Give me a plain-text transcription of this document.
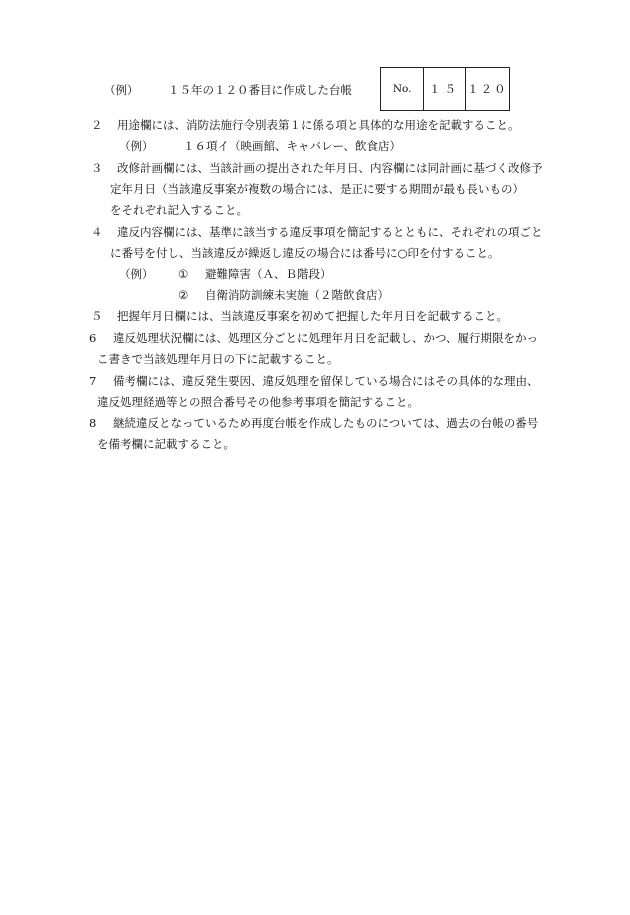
（例）	１５年の１２０番目に作成した台帳	No.	１５ １２０
２ 用途欄には、消防法施行令別表第１に係る項と具体的な用途を記載すること。
（例）	１６項イ（映画館、キャバレー、飲食店）
３ 改修計画欄には、当該計画の提出された年月日、内容欄には同計画に基づく改修予
定年月日（当該違反事案が複数の場合には、是正に要する期間が最も長いもの）
をそれぞれ記入すること。
４ 違反内容欄には、基準に該当する違反事項を簡記するとともに、それぞれの項ごと
に番号を付し、当該違反が繰返し違反の場合には番号に○印を付すること。
（例） ① 避難障害（Ａ、Ｂ階段）
② 自衛消防訓練未実施（２階飲食店）
５ 把握年月日欄には、当該違反事案を初めて把握した年月日を記載すること。
6 違反処理状況欄には、処理区分ごとに処理年月日を記載し、かつ、履行期限をかっ
こ書きで当該処理年月日の下に記載すること。
7 備考欄には、違反発生要因、違反処理を留保している場合にはその具体的な理由、
違反処理経過等との照合番号その他参考事項を簡記すること。
8 継続違反となっているため再度台帳を作成したものについては、過去の台帳の番号
を備考欄に記載すること。
